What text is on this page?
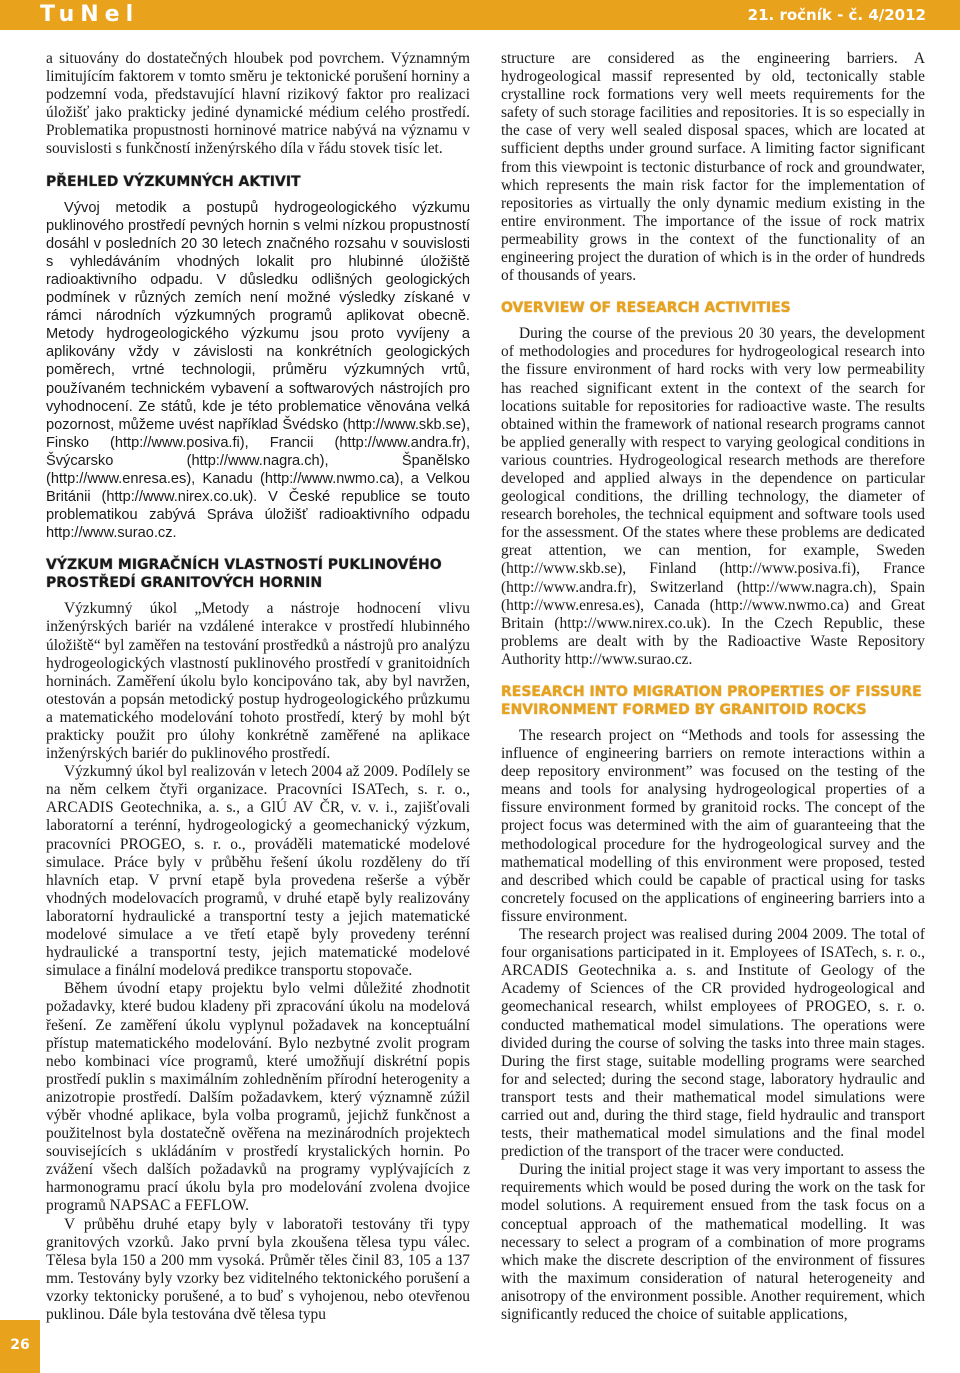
TuNel	21. ročník - č. 4/2012

a situovány do dostatečných hloubek pod povrchem. Významným limitujícím faktorem v tomto směru je tektonické porušení horniny a podzemní voda, představující hlavní rizikový faktor pro realizaci úložišť jako prakticky jediné dynamické médium celého prostředí. Problematika propustnosti horninové matrice nabývá na významu v souvislosti s funkčností inženýrského díla v řádu stovek tisíc let.

PŘEHLED VÝZKUMNÝCH AKTIVIT

Vývoj metodik a postupů hydrogeologického výzkumu puklinového prostředí pevných hornin s velmi nízkou propustností dosáhl v posledních 20 30 letech značného rozsahu v souvislosti s vyhledáváním vhodných lokalit pro hlubinné úložiště radioaktivního odpadu. V důsledku odlišných geologických podmínek v různých zemích není možné výsledky získané v rámci národních výzkumných programů aplikovat obecně. Metody hydrogeologického výzkumu jsou proto vyvíjeny a aplikovány vždy v závislosti na konkrétních geologických poměrech, vrtné technologii, průměru výzkumných vrtů, používaném technickém vybavení a softwarových nástrojích pro vyhodnocení. Ze států, kde je této problematice věnována velká pozornost, můžeme uvést například Švédsko (http://www.skb.se), Finsko (http://www.posiva.fi), Francii (http://www.andra.fr), Švýcarsko (http://www.nagra.ch), Španělsko (http://www.enresa.es), Kanadu (http://www.nwmo.ca), a Velkou Británii (http://www.nirex.co.uk). V České republice se touto problematikou zabývá Správa úložišť radioaktivního odpadu http://www.surao.cz.

VÝZKUM MIGRAČNÍCH VLASTNOSTÍ PUKLINOVÉHO
PROSTŘEDÍ GRANITOVÝCH HORNIN

Výzkumný úkol „Metody a nástroje hodnocení vlivu inženýrských bariér na vzdálené interakce v prostředí hlubinného úložiště“ byl zaměřen na testování prostředků a nástrojů pro analýzu hydrogeologických vlastností puklinového prostředí v granitoidních horninách. Zaměření úkolu bylo koncipováno tak, aby byl navržen, otestován a popsán metodický postup hydrogeologického průzkumu a matematického modelování tohoto prostředí, který by mohl být prakticky použit pro úlohy konkrétně zaměřené na aplikace inženýrských bariér do puklinového prostředí.

Výzkumný úkol byl realizován v letech 2004 až 2009. Podílely se na něm celkem čtyři organizace. Pracovníci ISATech, s. r. o., ARCADIS Geotechnika, a. s., a GlÚ AV ČR, v. v. i., zajišťovali laboratorní a terénní, hydrogeologický a geomechanický výzkum, pracovníci PROGEO, s. r. o., prováděli matematické modelové simulace. Práce byly v průběhu řešení úkolu rozděleny do tří hlavních etap. V první etapě byla provedena rešerše a výběr vhodných modelovacích programů, v druhé etapě byly realizovány laboratorní hydraulické a transportní testy a jejich matematické modelové simulace a ve třetí etapě byly provedeny terénní hydraulické a transportní testy, jejich matematické modelové simulace a finální modelová predikce transportu stopovače.

Během úvodní etapy projektu bylo velmi důležité zhodnotit požadavky, které budou kladeny při zpracování úkolu na modelová řešení. Ze zaměření úkolu vyplynul požadavek na konceptuální přístup matematického modelování. Bylo nezbytné zvolit program nebo kombinaci více programů, které umožňují diskrétní popis prostředí puklin s maximálním zohledněním přírodní heterogenity a anizotropie prostředí. Dalším požadavkem, který významně zúžil výběr vhodné aplikace, byla volba programů, jejichž funkčnost a použitelnost byla dostatečně ověřena na mezinárodních projektech souvisejících s ukládáním v prostředí krystalických hornin. Po zvážení všech dalších požadavků na programy vyplývajících z harmonogramu prací úkolu byla pro modelování zvolena dvojice programů NAPSAC a FEFLOW.

V průběhu druhé etapy byly v laboratoři testovány tři typy granitových vzorků. Jako první byla zkoušena tělesa typu válec. Tělesa byla 150 a 200 mm vysoká. Průměr těles činil 83, 105 a 137 mm. Testovány byly vzorky bez viditelného tektonického porušení a vzorky tektonicky porušené, a to buď s vyhojenou, nebo otevřenou puklinou. Dále byla testována dvě tělesa typu

structure are considered as the engineering barriers. A hydrogeological massif represented by old, tectonically stable crystalline rock formations very well meets requirements for the safety of such storage facilities and repositories. It is so especially in the case of very well sealed disposal spaces, which are located at sufficient depths under ground surface. A limiting factor significant from this viewpoint is tectonic disturbance of rock and groundwater, which represents the main risk factor for the implementation of repositories as virtually the only dynamic medium existing in the entire environment. The importance of the issue of rock matrix permeability grows in the context of the functionality of an engineering project the duration of which is in the order of hundreds of thousands of years.

OVERVIEW OF RESEARCH ACTIVITIES

During the course of the previous 20 30 years, the development of methodologies and procedures for hydrogeological research into the fissure environment of hard rocks with very low permeability has reached significant extent in the context of the search for locations suitable for repositories for radioactive waste. The results obtained within the framework of national research programs cannot be applied generally with respect to varying geological conditions in various countries. Hydrogeological research methods are therefore developed and applied always in the dependence on particular geological conditions, the drilling technology, the diameter of research boreholes, the technical equipment and software tools used for the assessment. Of the states where these problems are dedicated great attention, we can mention, for example, Sweden (http://www.skb.se), Finland (http://www.posiva.fi), France (http://www.andra.fr), Switzerland (http://www.nagra.ch), Spain (http://www.enresa.es), Canada (http://www.nwmo.ca) and Great Britain (http://www.nirex.co.uk). In the Czech Republic, these problems are dealt with by the Radioactive Waste Repository Authority http://www.surao.cz.

RESEARCH INTO MIGRATION PROPERTIES OF FISSURE
ENVIRONMENT FORMED BY GRANITOID ROCKS

The research project on “Methods and tools for assessing the influence of engineering barriers on remote interactions within a deep repository environment” was focused on the testing of the means and tools for analysing hydrogeological properties of a fissure environment formed by granitoid rocks. The concept of the project focus was determined with the aim of guaranteeing that the methodological procedure for the hydrogeological survey and the mathematical modelling of this environment were proposed, tested and described which could be capable of practical using for tasks concretely focused on the applications of engineering barriers into a fissure environment.

The research project was realised during 2004 2009. The total of four organisations participated in it. Employees of ISATech, s. r. o., ARCADIS Geotechnika a. s. and Institute of Geology of the Academy of Sciences of the CR provided hydrogeological and geomechanical research, whilst employees of PROGEO, s. r. o. conducted mathematical model simulations. The operations were divided during the course of solving the tasks into three main stages. During the first stage, suitable modelling programs were searched for and selected; during the second stage, laboratory hydraulic and transport tests and their mathematical model simulations were carried out and, during the third stage, field hydraulic and transport tests, their mathematical model simulations and the final model prediction of the transport of the tracer were conducted.

During the initial project stage it was very important to assess the requirements which would be posed during the work on the task for model solutions. A requirement ensued from the task focus on a conceptual approach of the mathematical modelling. It was necessary to select a program of a combination of more programs which make the discrete description of the environment of fissures with the maximum consideration of natural heterogeneity and anisotropy of the environment possible. Another requirement, which significantly reduced the choice of suitable applications,

26
